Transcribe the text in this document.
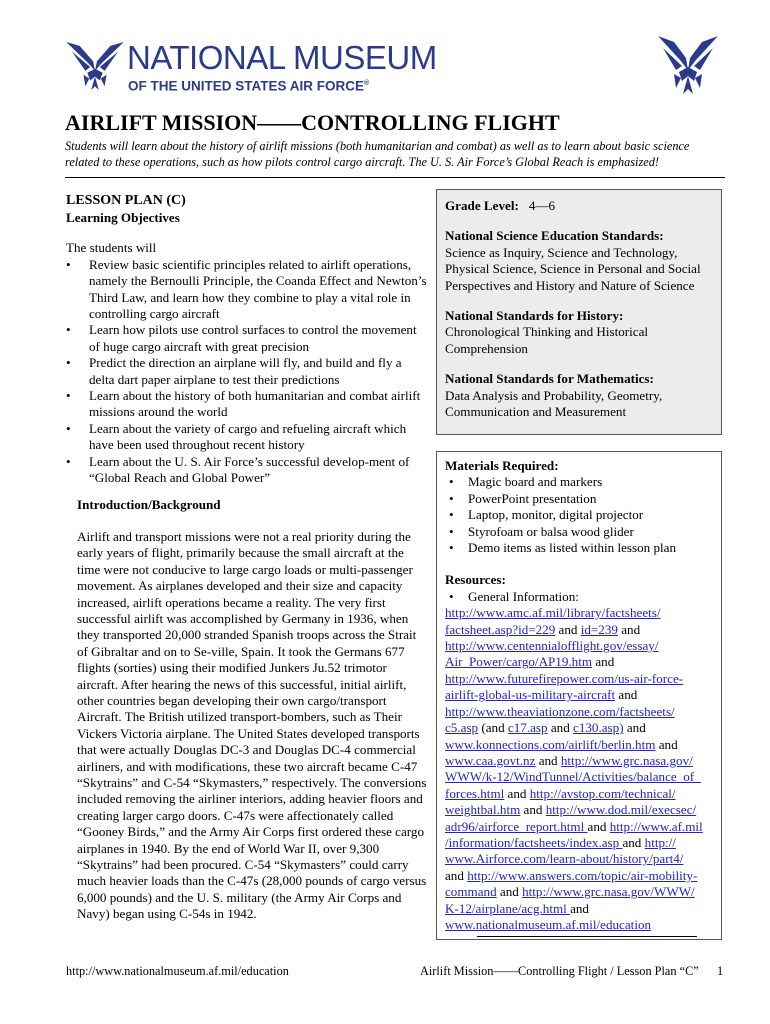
NATIONAL MUSEUM
OF THE UNITED STATES AIR FORCE®
AIRLIFT MISSION——CONTROLLING FLIGHT
Students will learn about the history of airlift missions (both humanitarian and combat) as well as to learn about basic science related to these operations, such as how pilots control cargo aircraft. The U. S. Air Force’s Global Reach is emphasized!
LESSON PLAN (C)
Learning Objectives
The students will
• Review basic scientific principles related to airlift operations, namely the Bernoulli Principle, the Coanda Effect and Newton’s Third Law, and learn how they combine to play a vital role in controlling cargo aircraft
• Learn how pilots use control surfaces to control the movement of huge cargo aircraft with great precision
• Predict the direction an airplane will fly, and build and fly a delta dart paper airplane to test their predictions
• Learn about the history of both humanitarian and combat airlift missions around the world
• Learn about the variety of cargo and refueling aircraft which have been used throughout recent history
• Learn about the U. S. Air Force’s successful develop-ment of “Global Reach and Global Power”
Introduction/Background
Airlift and transport missions were not a real priority during the early years of flight, primarily because the small aircraft at the time were not conducive to large cargo loads or multi-passenger movement. As airplanes developed and their size and capacity increased, airlift operations became a reality. The very first successful airlift was accomplished by Germany in 1936, when they transported 20,000 stranded Spanish troops across the Strait of Gibraltar and on to Se-ville, Spain. It took the Germans 677 flights (sorties) using their modified Junkers Ju.52 trimotor aircraft. After hearing the news of this successful, initial airlift, other countries began developing their own cargo/transport Aircraft. The British utilized transport-bombers, such as Their Vickers Victoria airplane. The United States developed transports that were actually Douglas DC-3 and Douglas DC-4 commercial airliners, and with modifications, these two aircraft became C-47 “Skytrains” and C-54 “Skymasters,” respectively. The conversions included removing the airliner interiors, adding heavier floors and creating larger cargo doors. C-47s were affectionately called “Gooney Birds,” and the Army Air Corps first ordered these cargo airplanes in 1940. By the end of World War II, over 9,300 “Skytrains” had been procured. C-54 “Skymasters” could carry much heavier loads than the C-47s (28,000 pounds of cargo versus 6,000 pounds) and the U. S. military (the Army Air Corps and Navy) began using C-54s in 1942.
Grade Level: 4—6
National Science Education Standards:
Science as Inquiry, Science and Technology, Physical Science, Science in Personal and Social Perspectives and History and Nature of Science
National Standards for History:
Chronological Thinking and Historical Comprehension
National Standards for Mathematics:
Data Analysis and Probability, Geometry, Communication and Measurement
Materials Required:
• Magic board and markers
• PowerPoint presentation
• Laptop, monitor, digital projector
• Styrofoam or balsa wood glider
• Demo items as listed within lesson plan
Resources:
• General Information:
http://www.amc.af.mil/library/factsheets/
factsheet.asp?id=229 and id=239 and
http://www.centennialofflight.gov/essay/
Air_Power/cargo/AP19.htm and
http://www.futurefirepower.com/us-air-force-
airlift-global-us-military-aircraft and
http://www.theaviationzone.com/factsheets/
c5.asp (and c17.asp and c130.asp) and
www.konnections.com/airlift/berlin.htm and
www.caa.govt.nz and http://www.grc.nasa.gov/
WWW/k-12/WindTunnel/Activities/balance_of_
forces.html and http://avstop.com/technical/
weightbal.htm and http://www.dod.mil/execsec/
adr96/airforce_report.html and http://www.af.mil
/information/factsheets/index.asp and http://
www.Airforce.com/learn-about/history/part4/
and http://www.answers.com/topic/air-mobility-
command and http://www.grc.nasa.gov/WWW/
K-12/airplane/acg.html and
www.nationalmuseum.af.mil/education
http://www.nationalmuseum.af.mil/education	Airlift Mission——Controlling Flight / Lesson Plan “C” 1
